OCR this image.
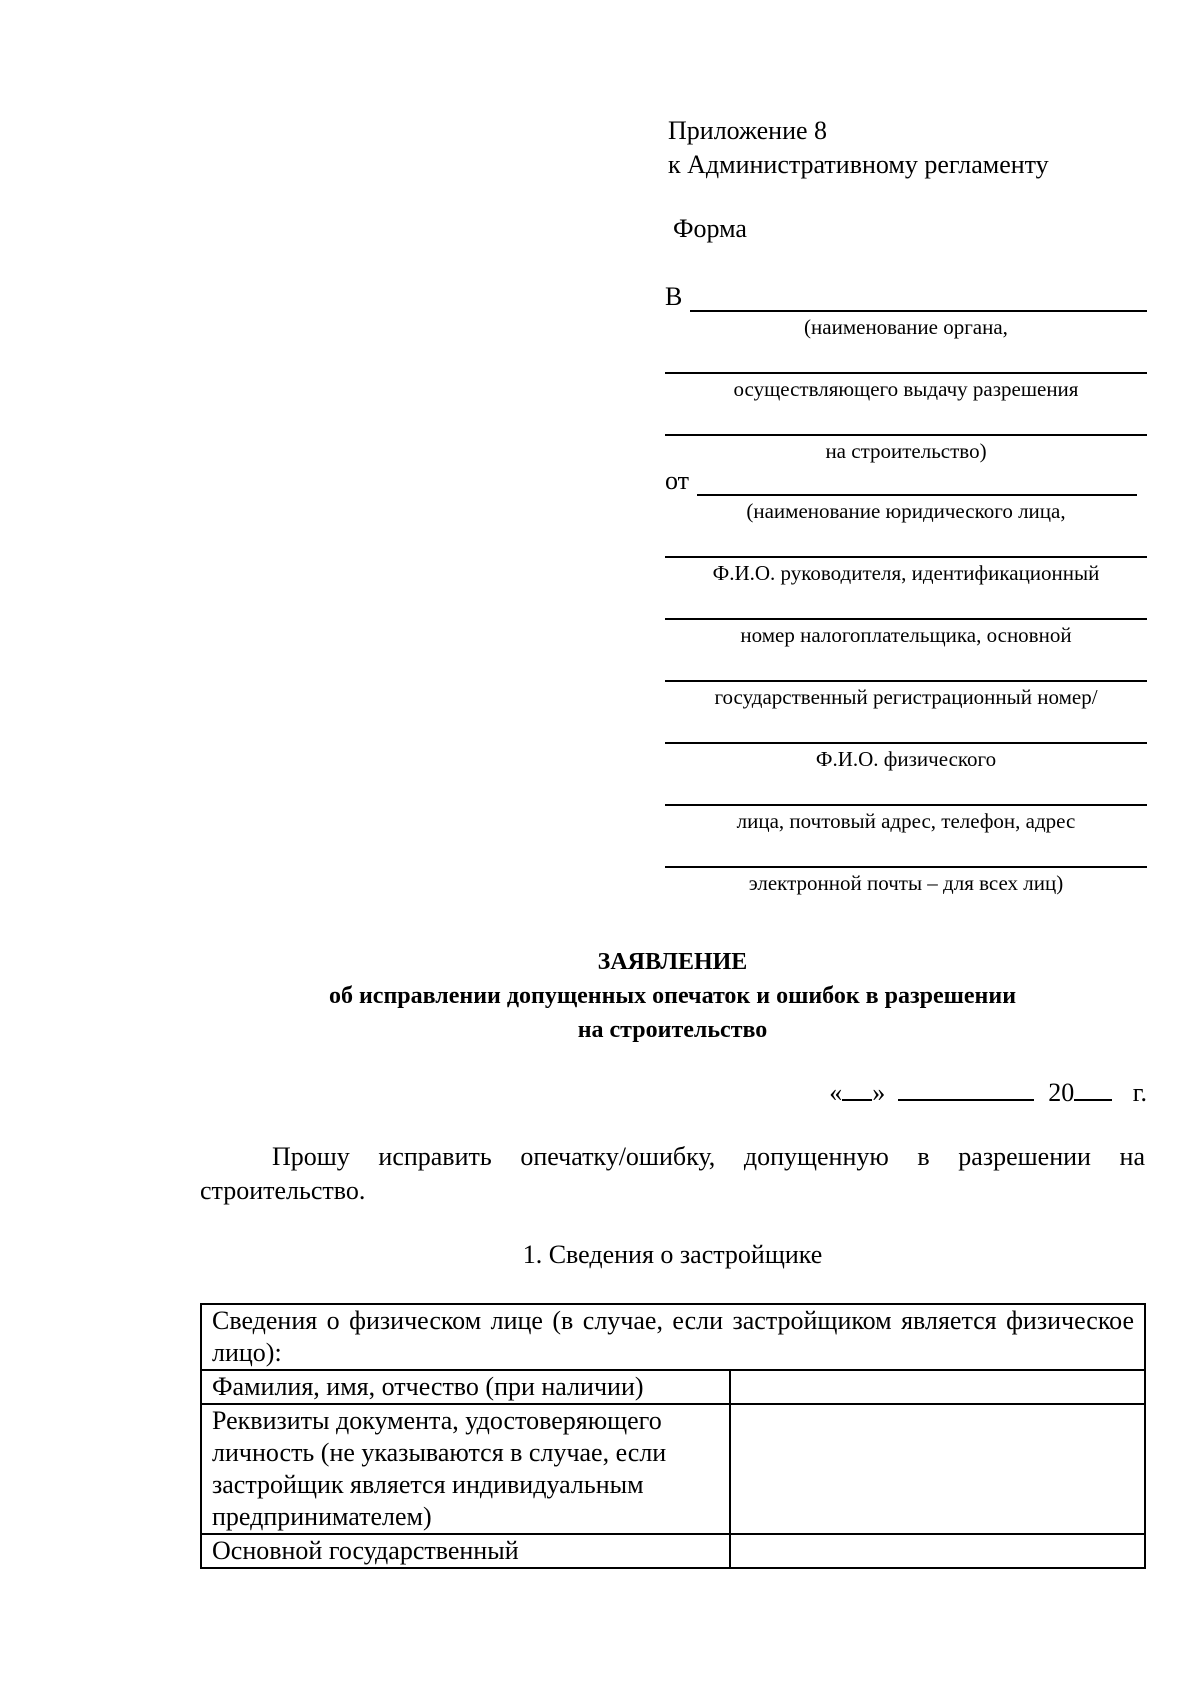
Приложение 8
к Административному регламенту
Форма
В
(наименование органа,
осуществляющего выдачу разрешения
на строительство)
от
(наименование юридического лица,
Ф.И.О. руководителя, идентификационный
номер налогоплательщика, основной
государственный регистрационный номер/
Ф.И.О. физического
лица, почтовый адрес, телефон, адрес
электронной почты – для всех лиц)
ЗАЯВЛЕНИЕ
об исправлении допущенных опечаток и ошибок в разрешении
на строительство
« »	20 г.
Прошу исправить опечатку/ошибку, допущенную в разрешении на строительство.
1. Сведения о застройщике
Сведения о физическом лице (в случае, если застройщиком является физическое лицо):	
Фамилия, имя, отчество (при наличии)	
Реквизиты документа, удостоверяющего личность (не указываются в случае, если застройщик является индивидуальным предпринимателем)	
Основной государственный	
